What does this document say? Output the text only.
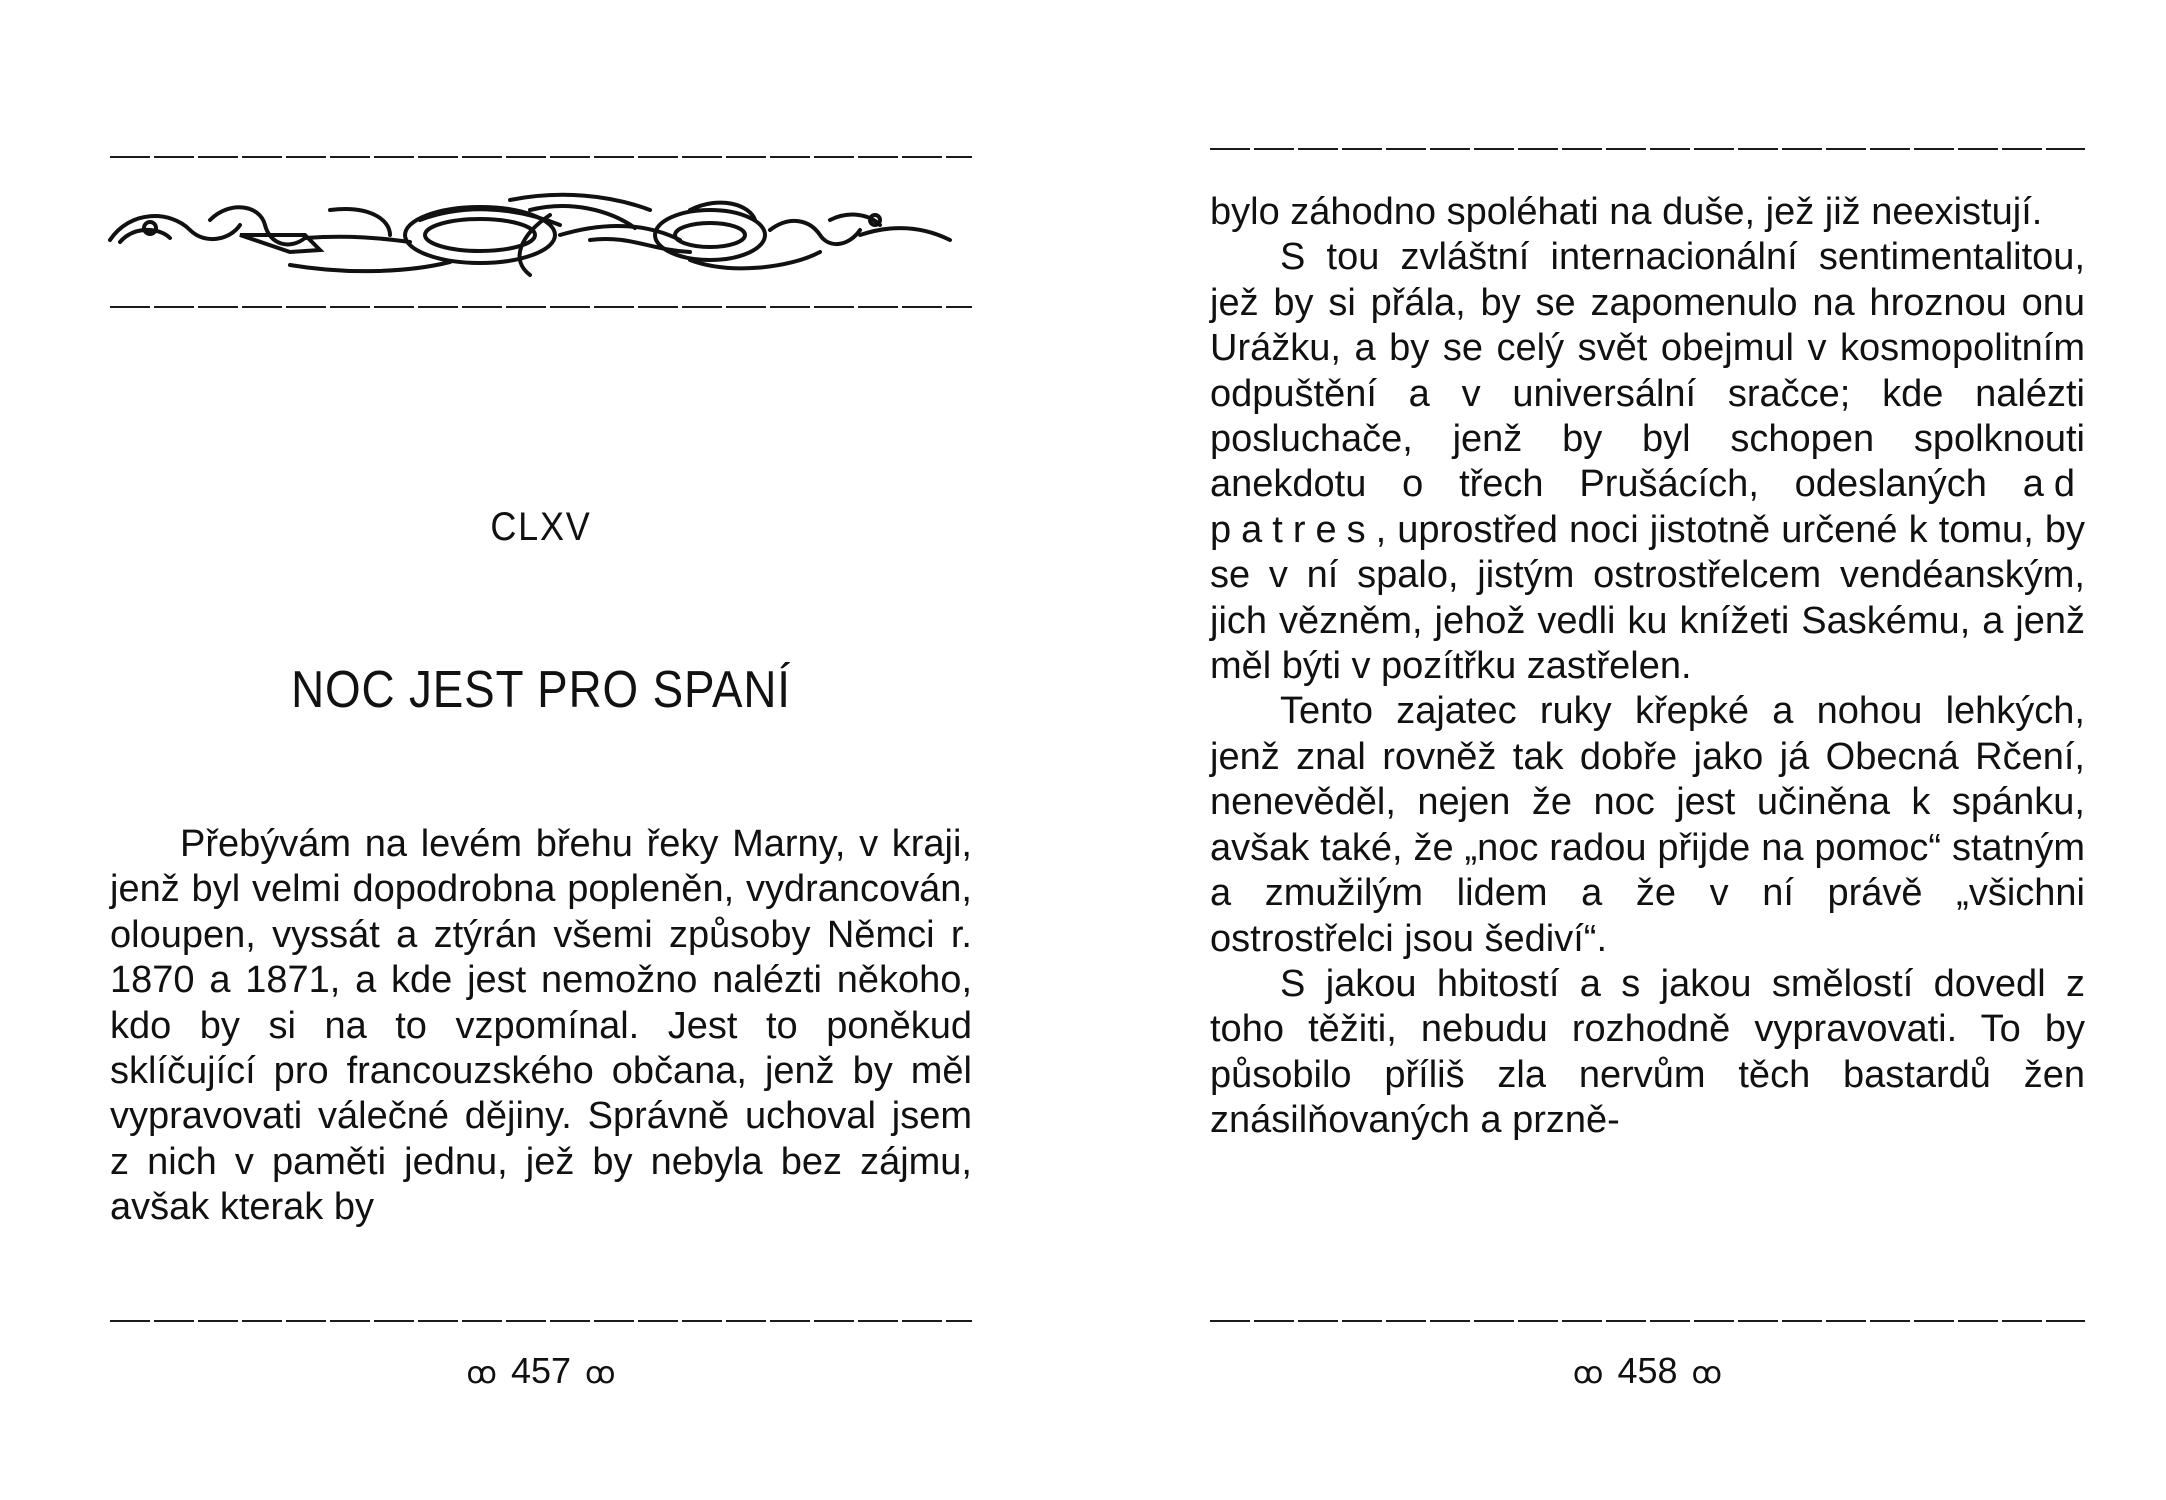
CLXV
NOC JEST PRO SPANÍ

Přebývám na levém břehu řeky Marny, v kraji, jenž byl velmi dopodrobna popleněn, vydrancován, oloupen, vyssát a ztýrán všemi způsoby Němci r. 1870 a 1871, a kde jest nemožno nalézti někoho, kdo by si na to vzpomínal. Jest to poněkud sklíčující pro francouzského občana, jenž by měl vypravovati válečné dějiny. Správně uchoval jsem z nich v paměti jednu, jež by nebyla bez zájmu, avšak kterak by

ꝏ 457 ꝏ

bylo záhodno spoléhati na duše, jež již neexistují.

S tou zvláštní internacionální sentimentalitou, jež by si přála, by se zapomenulo na hroznou onu Urážku, a by se celý svět obejmul v kosmopolitním odpuštění a v universální sračce; kde nalézti posluchače, jenž by byl schopen spolknouti anekdotu o třech Prušácích, odeslaných ad patres, uprostřed noci jistotně určené k tomu, by se v ní spalo, jistým ostrostřelcem vendéanským, jich vězněm, jehož vedli ku knížeti Saskému, a jenž měl býti v pozítřku zastřelen.

Tento zajatec ruky křepké a nohou lehkých, jenž znal rovněž tak dobře jako já Obecná Rčení, nenevěděl, nejen že noc jest učiněna k spánku, avšak také, že „noc radou přijde na pomoc“ statným a zmužilým lidem a že v ní právě „všichni ostrostřelci jsou šediví“.

S jakou hbitostí a s jakou smělostí dovedl z toho těžiti, nebudu rozhodně vypravovati. To by působilo příliš zla nervům těch bastardů žen znásilňovaných a przně-

ꝏ 458 ꝏ
